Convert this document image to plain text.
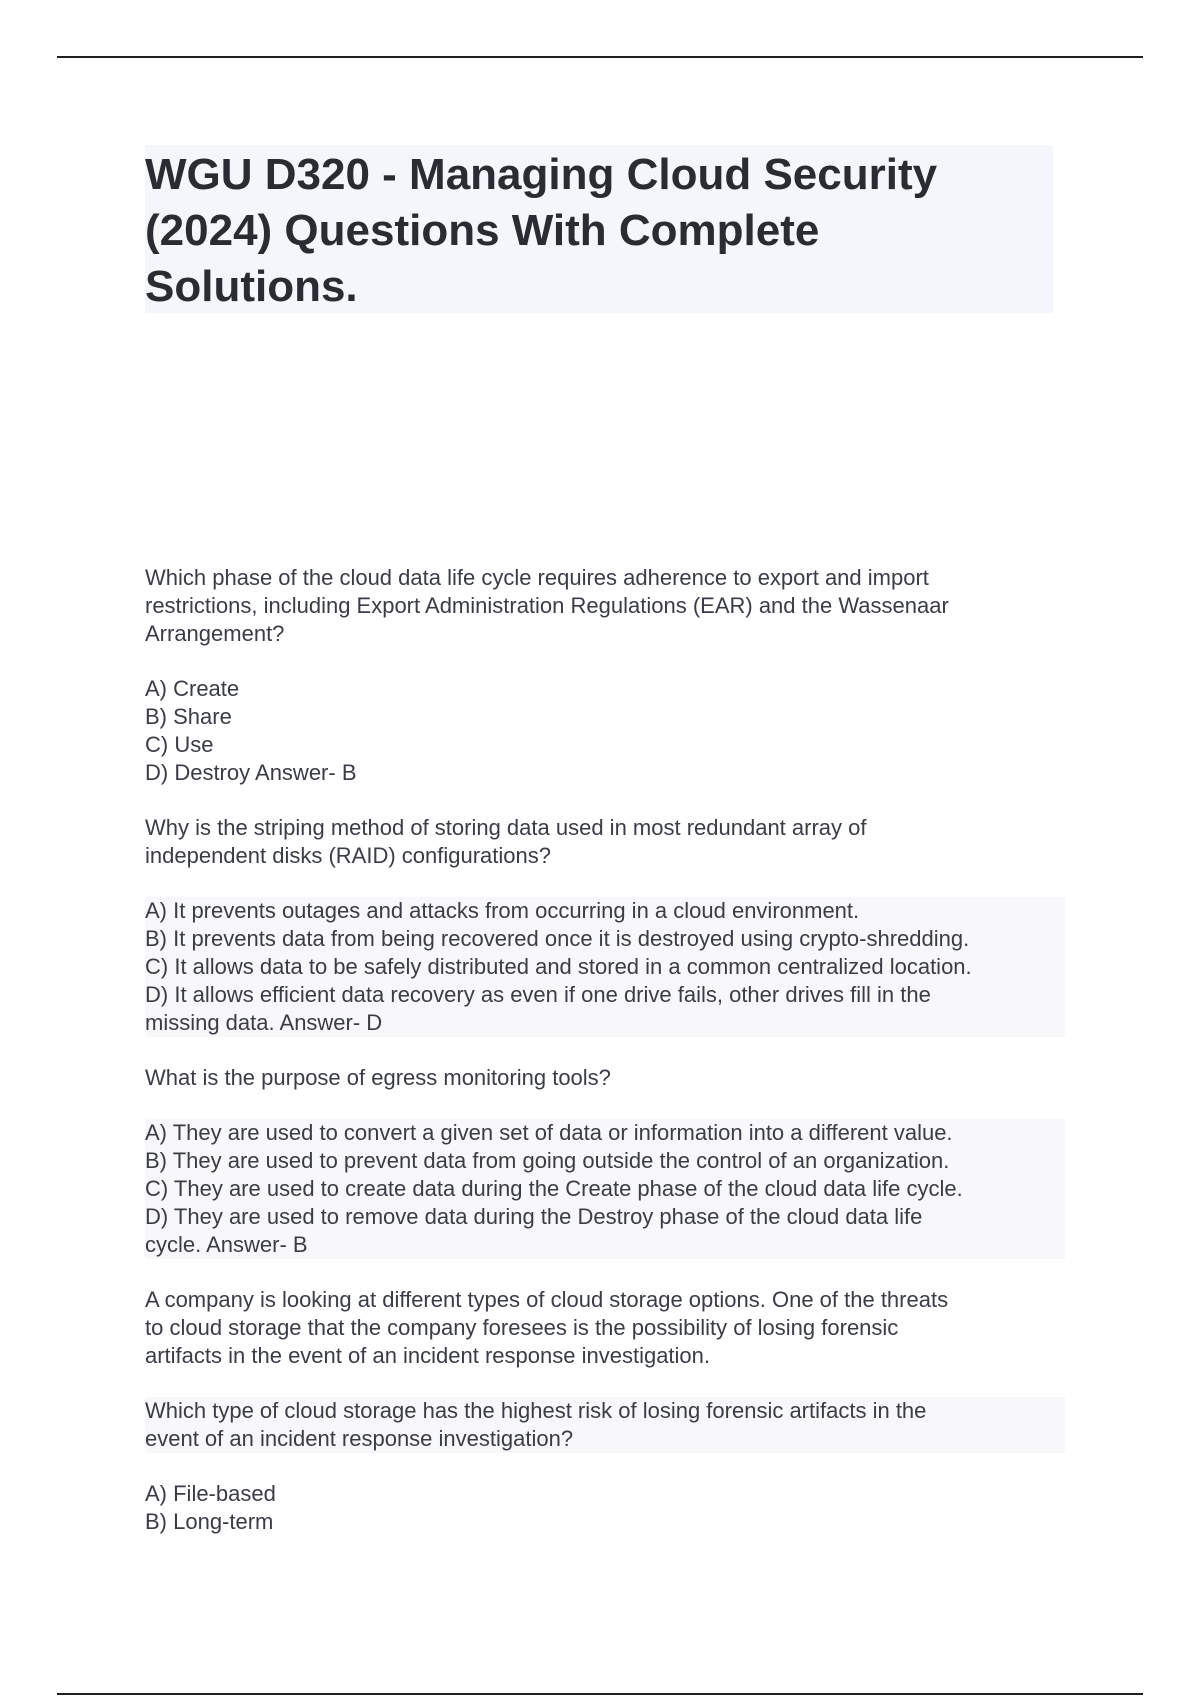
WGU D320 - Managing Cloud Security
(2024) Questions With Complete
Solutions.
Which phase of the cloud data life cycle requires adherence to export and import
restrictions, including Export Administration Regulations (EAR) and the Wassenaar
Arrangement?
A) Create
B) Share
C) Use
D) Destroy Answer- B
Why is the striping method of storing data used in most redundant array of
independent disks (RAID) configurations?
A) It prevents outages and attacks from occurring in a cloud environment.
B) It prevents data from being recovered once it is destroyed using crypto-shredding.
C) It allows data to be safely distributed and stored in a common centralized location.
D) It allows efficient data recovery as even if one drive fails, other drives fill in the
missing data. Answer- D
What is the purpose of egress monitoring tools?
A) They are used to convert a given set of data or information into a different value.
B) They are used to prevent data from going outside the control of an organization.
C) They are used to create data during the Create phase of the cloud data life cycle.
D) They are used to remove data during the Destroy phase of the cloud data life
cycle. Answer- B
A company is looking at different types of cloud storage options. One of the threats
to cloud storage that the company foresees is the possibility of losing forensic
artifacts in the event of an incident response investigation.
Which type of cloud storage has the highest risk of losing forensic artifacts in the
event of an incident response investigation?
A) File-based
B) Long-term
